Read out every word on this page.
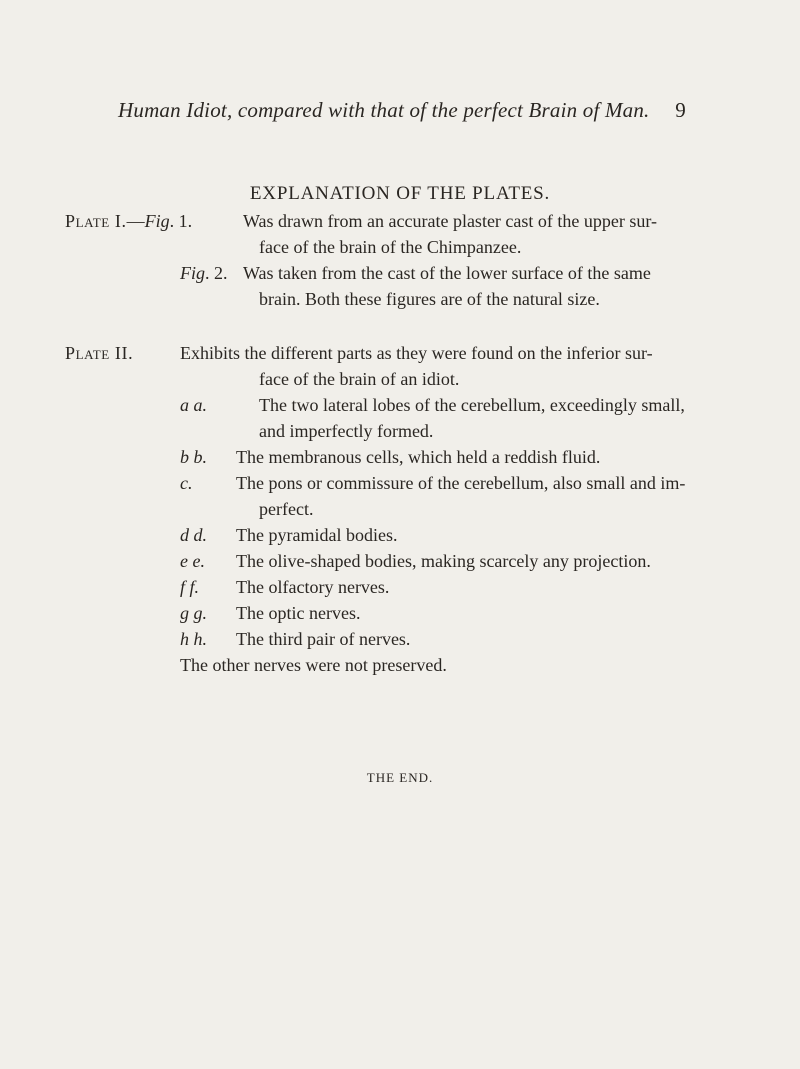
Human Idiot, compared with that of the perfect Brain of Man. 9
EXPLANATION OF THE PLATES.
Plate I.—Fig. 1.	Was drawn from an accurate plaster cast of the upper sur-
face of the brain of the Chimpanzee.
Fig. 2. Was taken from the cast of the lower surface of the same
brain. Both these figures are of the natural size.
Plate II.	Exhibits the different parts as they were found on the inferior sur-
face of the brain of an idiot.
a a.	The two lateral lobes of the cerebellum, exceedingly small,
and imperfectly formed.
b b. The membranous cells, which held a reddish fluid.
c. The pons or commissure of the cerebellum, also small and im-
perfect.
d d. The pyramidal bodies.
e e. The olive-shaped bodies, making scarcely any projection.
f f. The olfactory nerves.
g g. The optic nerves.
h h. The third pair of nerves.
The other nerves were not preserved.
THE END.
